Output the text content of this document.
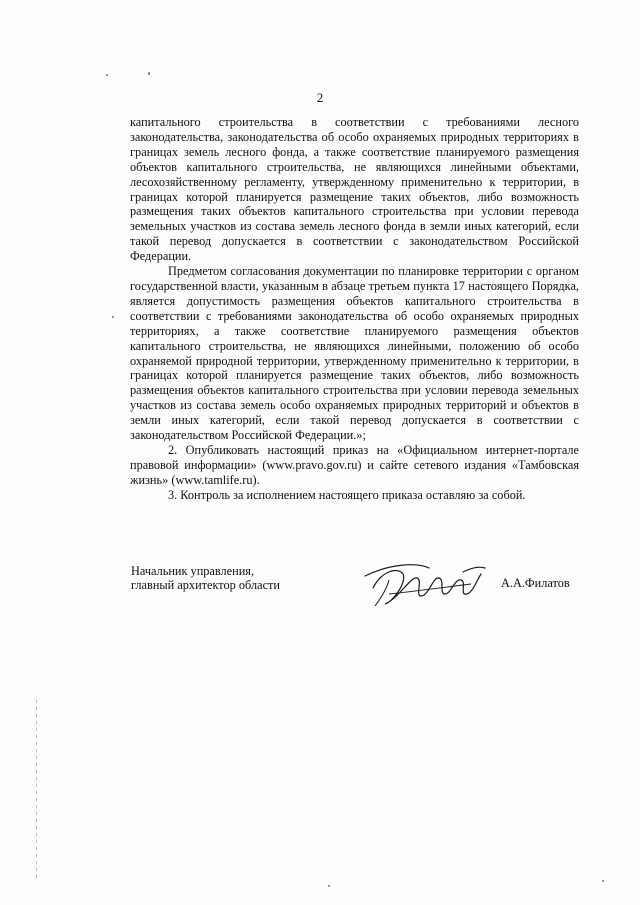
2

капитального строительства в соответствии с требованиями лесного законодательства, законодательства об особо охраняемых природных территориях в границах земель лесного фонда, а также соответствие планируемого размещения объектов капитального строительства, не являющихся линейными объектами, лесохозяйственному регламенту, утвержденному применительно к территории, в границах которой планируется размещение таких объектов, либо возможность размещения таких объектов капитального строительства при условии перевода земельных участков из состава земель лесного фонда в земли иных категорий, если такой перевод допускается в соответствии с законодательством Российской Федерации.

Предметом согласования документации по планировке территории с органом государственной власти, указанным в абзаце третьем пункта 17 настоящего Порядка, является допустимость размещения объектов капитального строительства в соответствии с требованиями законодательства об особо охраняемых природных территориях, а также соответствие планируемого размещения объектов капитального строительства, не являющихся линейными, положению об особо охраняемой природной территории, утвержденному применительно к территории, в границах которой планируется размещение таких объектов, либо возможность размещения объектов капитального строительства при условии перевода земельных участков из состава земель особо охраняемых природных территорий и объектов в земли иных категорий, если такой перевод допускается в соответствии с законодательством Российской Федерации.»;

2. Опубликовать настоящий приказ на «Официальном интернет-портале правовой информации» (www.pravo.gov.ru) и сайте сетевого издания «Тамбовская жизнь» (www.tamlife.ru).

3. Контроль за исполнением настоящего приказа оставляю за собой.

Начальник управления,
главный архитектор области	А.А.Филатов
